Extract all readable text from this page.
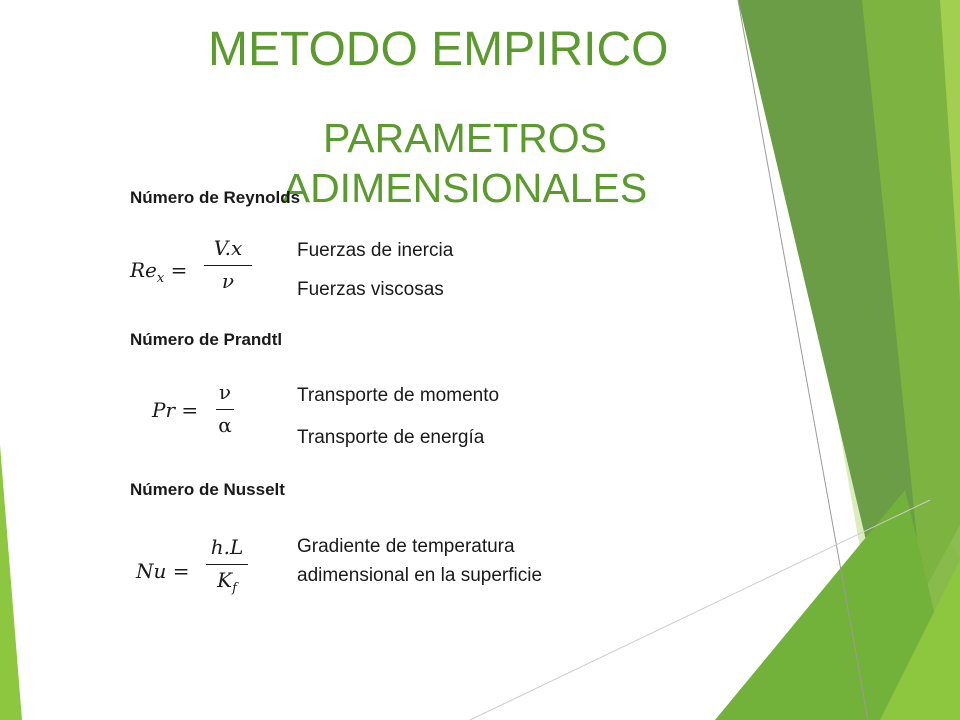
METODO EMPIRICO
PARAMETROS ADIMENSIONALES
Número de Reynolds
$Re_x$ =
V.x
ν
Fuerzas de inercia
Fuerzas viscosas
Número de Prandtl
Pr =
ν
α
Transporte de momento
Transporte de energía
Número de Nusselt
Nu =
h.L
$K_f$
Gradiente de temperatura
adimensional en la superficie
